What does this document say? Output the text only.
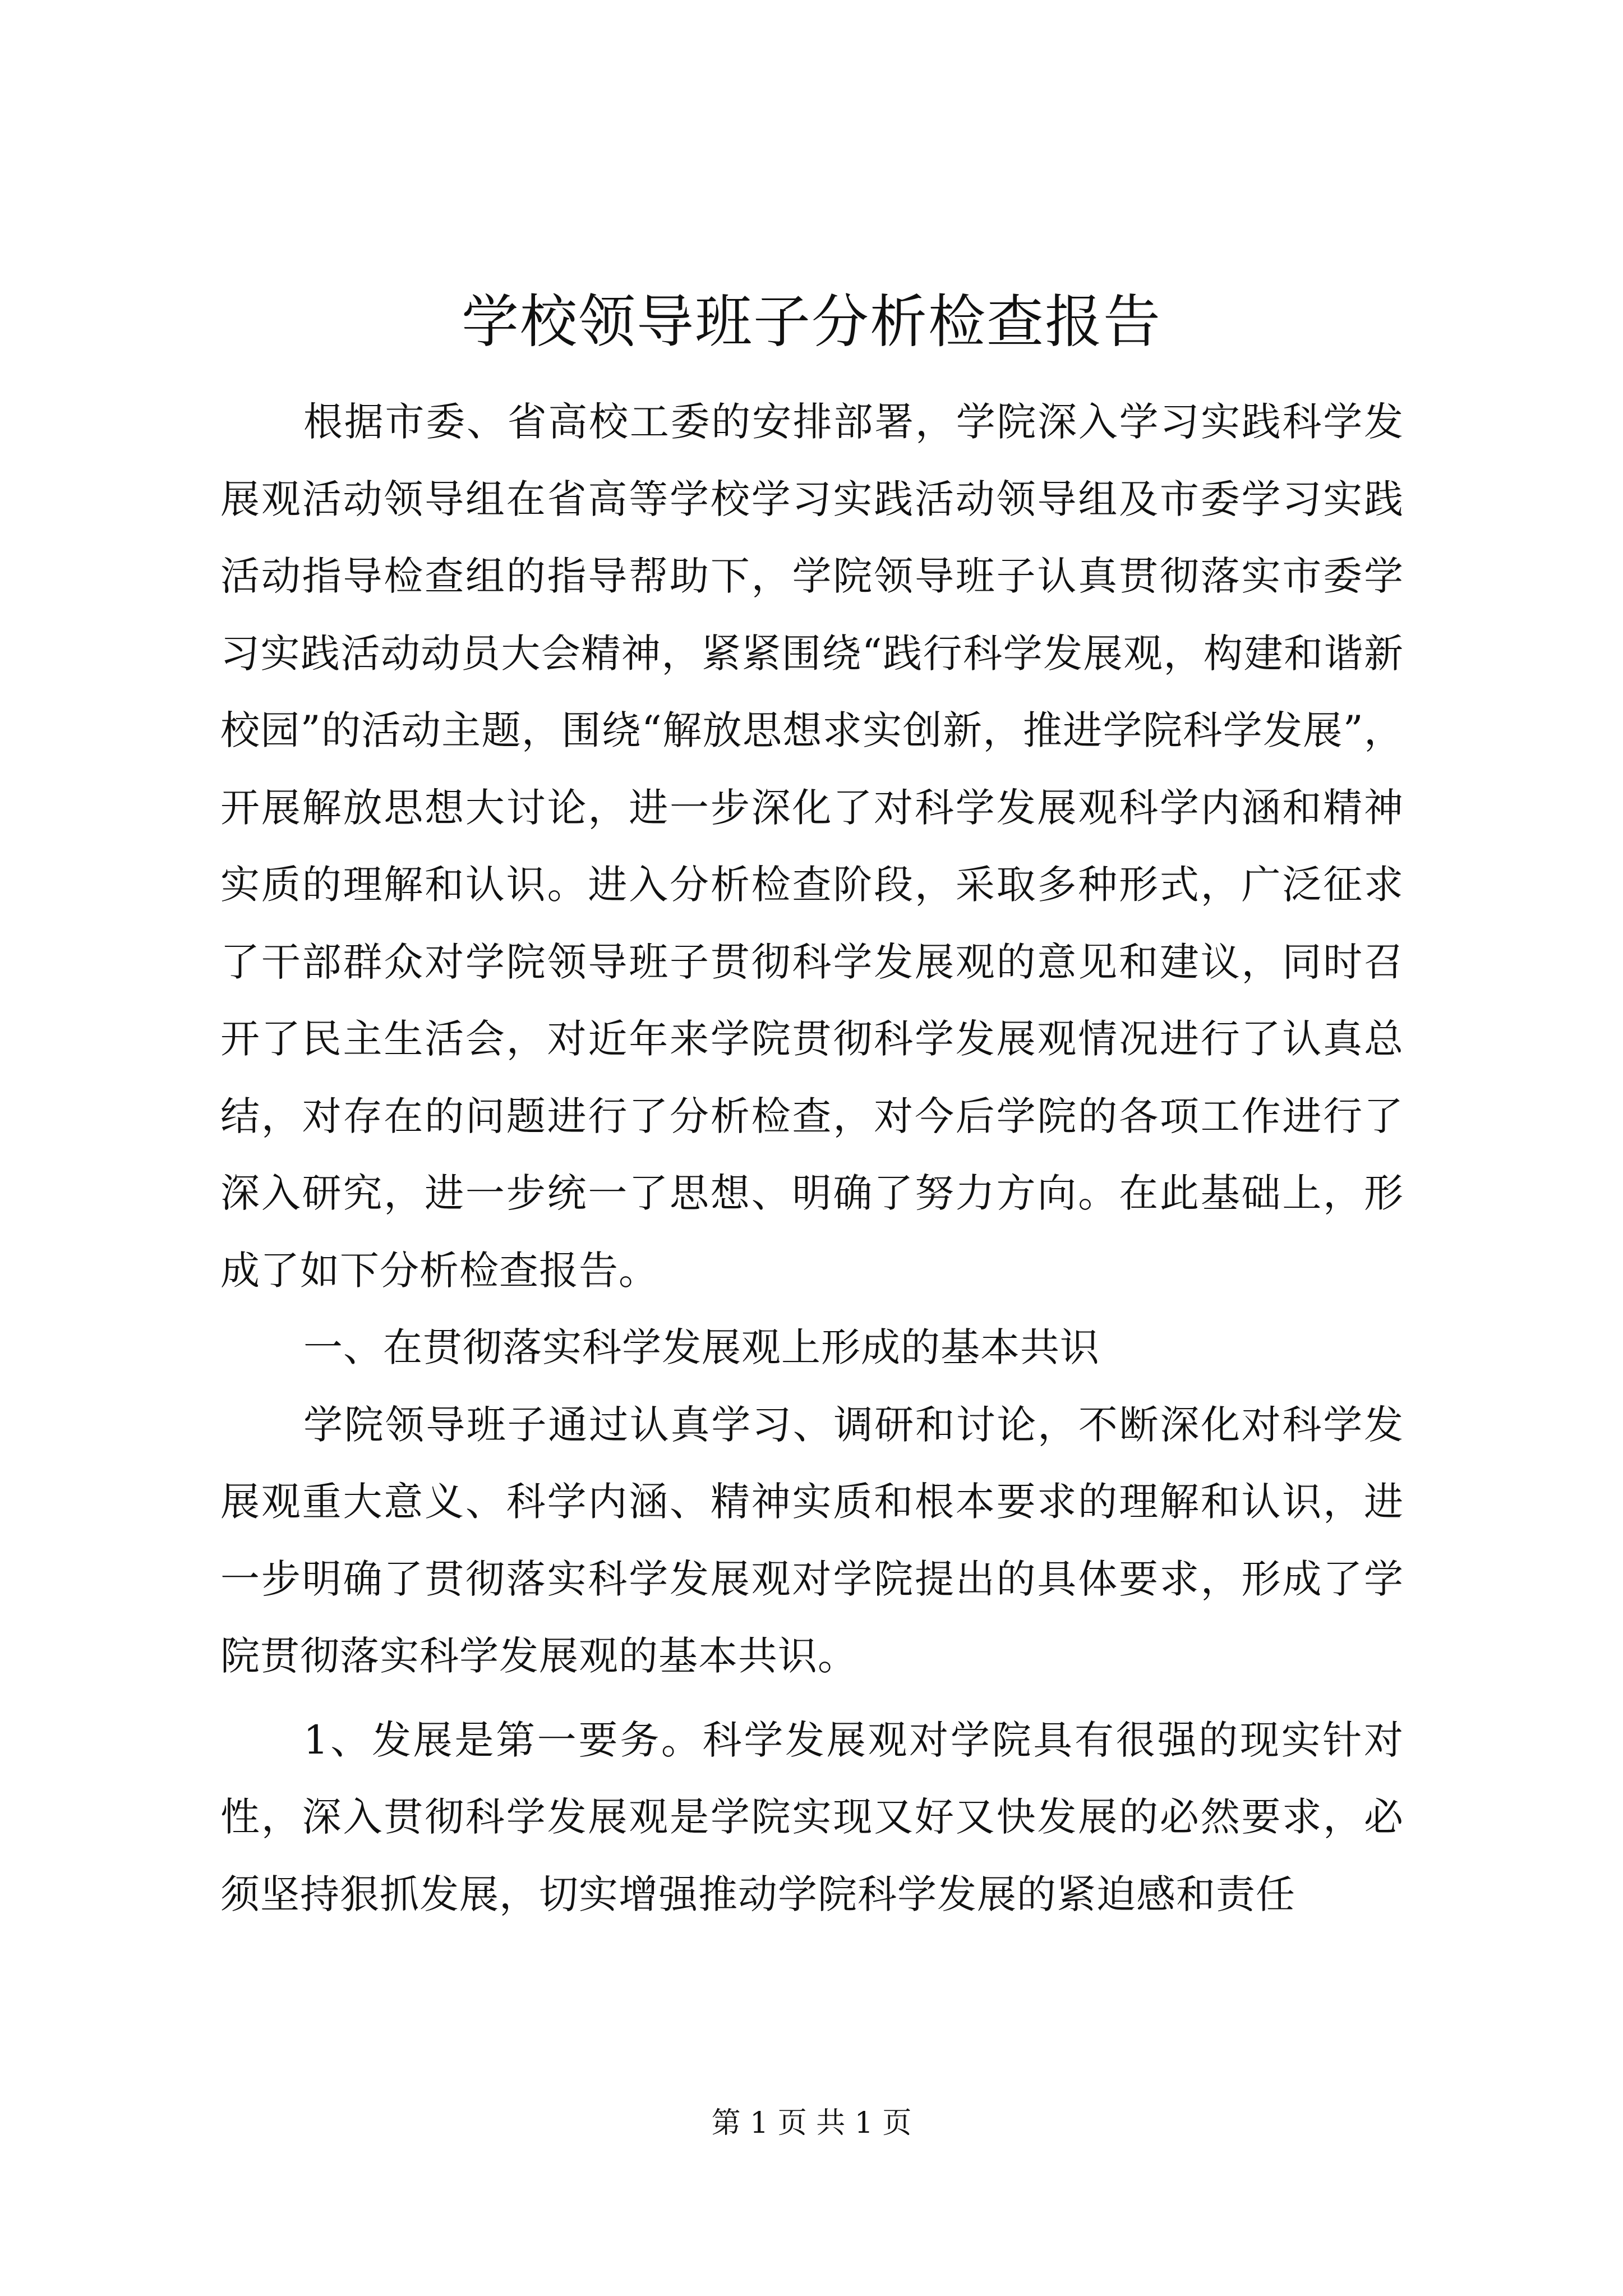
学校领导班子分析检查报告

根据市委、省高校工委的安排部署，学院深入学习实践科学发展观活动领导组在省高等学校学习实践活动领导组及市委学习实践活动指导检查组的指导帮助下，学院领导班子认真贯彻落实市委学习实践活动动员大会精神，紧紧围绕“践行科学发展观，构建和谐新校园”的活动主题，围绕“解放思想求实创新，推进学院科学发展”，开展解放思想大讨论，进一步深化了对科学发展观科学内涵和精神实质的理解和认识。进入分析检查阶段，采取多种形式，广泛征求了干部群众对学院领导班子贯彻科学发展观的意见和建议，同时召开了民主生活会，对近年来学院贯彻科学发展观情况进行了认真总结，对存在的问题进行了分析检查，对今后学院的各项工作进行了深入研究，进一步统一了思想、明确了努力方向。在此基础上，形成了如下分析检查报告。

一、在贯彻落实科学发展观上形成的基本共识

学院领导班子通过认真学习、调研和讨论，不断深化对科学发展观重大意义、科学内涵、精神实质和根本要求的理解和认识，进一步明确了贯彻落实科学发展观对学院提出的具体要求，形成了学院贯彻落实科学发展观的基本共识。

1、发展是第一要务。科学发展观对学院具有很强的现实针对性，深入贯彻科学发展观是学院实现又好又快发展的必然要求，必须坚持狠抓发展，切实增强推动学院科学发展的紧迫感和责任

第 1 页 共 1 页
